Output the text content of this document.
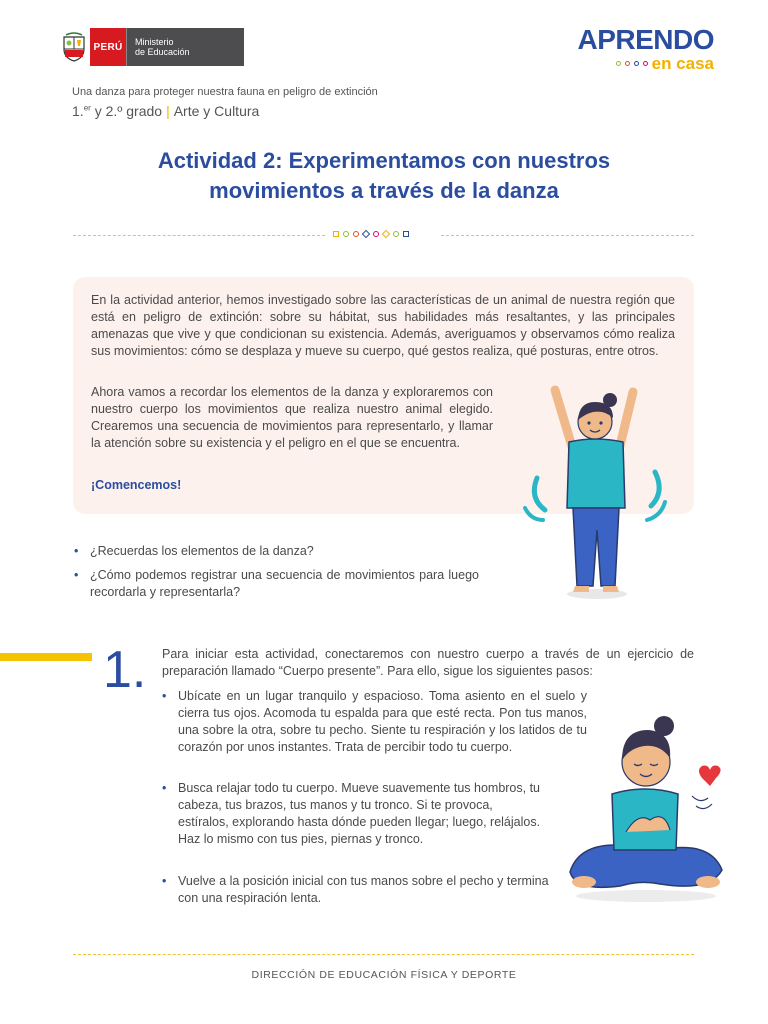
PERÚ	Ministerio
de Educación	APRENDO
en casa
Una danza para proteger nuestra fauna en peligro de extinción
1.$^{er}$ y 2.º grado | Arte y Cultura
Actividad 2: Experimentamos con nuestros
movimientos a través de la danza
En la actividad anterior, hemos investigado sobre las características de un animal de nuestra región que está en peligro de extinción: sobre su hábitat, sus habilidades más resaltantes, y las principales amenazas que vive y que condicionan su existencia. Además, averiguamos y observamos cómo realiza sus movimientos: cómo se desplaza y mueve su cuerpo, qué gestos realiza, qué posturas, entre otros.
Ahora vamos a recordar los elementos de la danza y exploraremos con nuestro cuerpo los movimientos que realiza nuestro animal elegido. Crearemos una secuencia de movimientos para representarlo, y llamar la atención sobre su existencia y el peligro en el que se encuentra.
¡Comencemos!
• ¿Recuerdas los elementos de la danza?
• ¿Cómo podemos registrar una secuencia de movimientos para luego recordarla y representarla?
1. Para iniciar esta actividad, conectaremos con nuestro cuerpo a través de un ejercicio de preparación llamado “Cuerpo presente”. Para ello, sigue los siguientes pasos:
• Ubícate en un lugar tranquilo y espacioso. Toma asiento en el suelo y cierra tus ojos. Acomoda tu espalda para que esté recta. Pon tus manos, una sobre la otra, sobre tu pecho. Siente tu respiración y los latidos de tu corazón por unos instantes. Trata de percibir todo tu cuerpo.
• Busca relajar todo tu cuerpo. Mueve suavemente tus hombros, tu cabeza, tus brazos, tus manos y tu tronco. Si te provoca, estíralos, explorando hasta dónde pueden llegar; luego, relájalos. Haz lo mismo con tus pies, piernas y tronco.
• Vuelve a la posición inicial con tus manos sobre el pecho y termina con una respiración lenta.
DIRECCIÓN DE EDUCACIÓN FÍSICA Y DEPORTE
